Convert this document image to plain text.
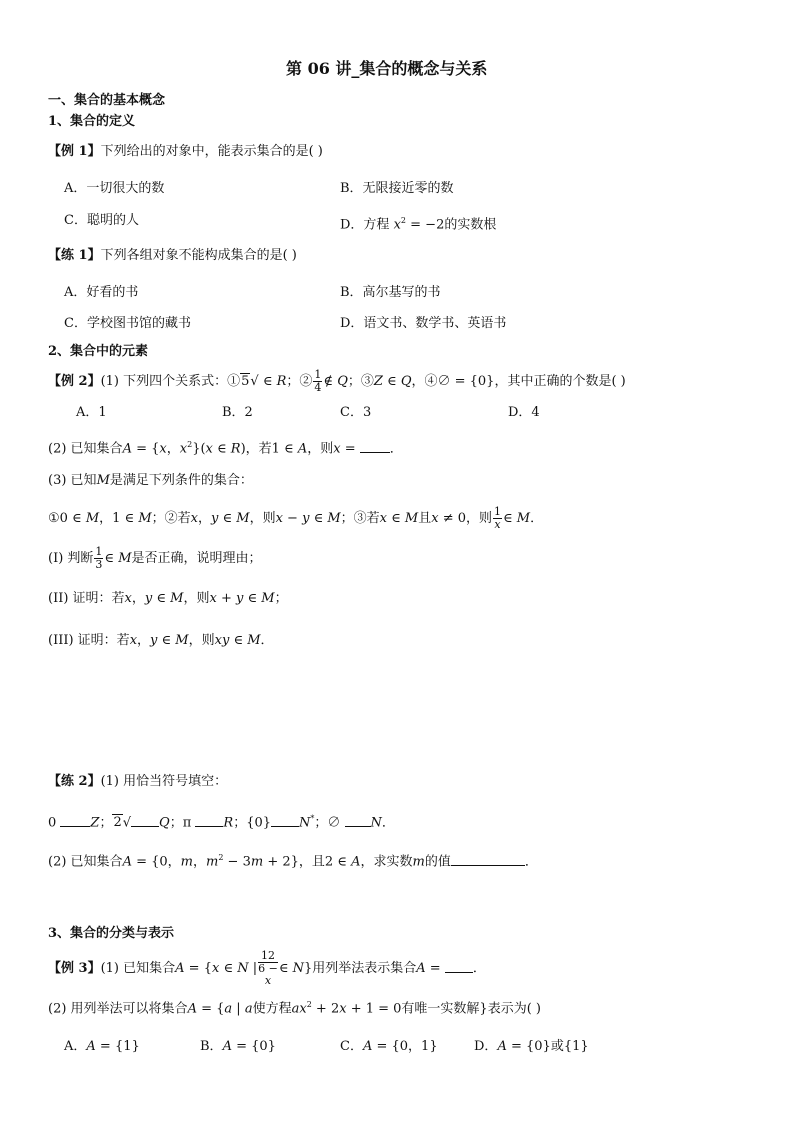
第 06 讲_集合的概念与关系
一、集合的基本概念
1、集合的定义
【例 1】下列给出的对象中，能表示集合的是( )
A．一切很大的数	B．无限接近零的数
C．聪明的人	D．方程 $x^2 = -2$的实数根
【练 1】下列各组对象不能构成集合的是( )
A．好看的书	B．高尔基写的书
C．学校图书馆的藏书	D．语文书、数学书、英语书
2、集合中的元素
【例 2】(1) 下列四个关系式：①5√ ∈ R；② $\frac{1}{4}$ ∉ Q；③Z ∈ Q，④∅ = {0}，其中正确的个数是( )
A．1	B．2	C．3	D．4
(2) 已知集合A = {x，$x^2\}(x$ ∈ R)，若1 ∈ A，则x = ．
(3) 已知M是满足下列条件的集合：
①0 ∈ M，1 ∈ M；②若x，y ∈ M，则x − y ∈ M；③若x ∈ M且x ≠ 0，则 $\frac{1}{x}$ ∈ M．
(I) 判断 $\frac{1}{3}$ ∈ M是否正确，说明理由；
(II) 证明：若x，y ∈ M，则x + y ∈ M；
(III) 证明：若x，y ∈ M，则xy ∈ M．
【练 2】(1) 用恰当符号填空：
0 Z；2√ Q；π R；{0} N*；∅ N．
(2) 已知集合A = {0，m，$m^2 - 3m + 2$}，且2 ∈ A，求实数m的值	．
3、集合的分类与表示
【例 3】(1) 已知集合A = {x ∈ N | 12
6 −
x ∈ N}用列举法表示集合A = ．
(2) 用列举法可以将集合A = {a | a使方程$ax^2 + 2x + 1 = 0$有唯一实数解}表示为( )
A．A = {1}	B．A = {0}	C．A = {0，1}	D．A = {0}或{1}
